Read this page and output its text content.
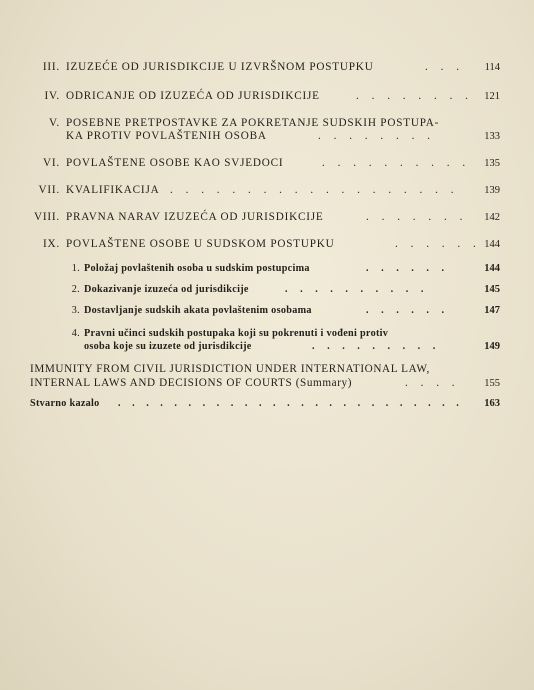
III. IZUZEĆE OD JURISDIKCIJE U IZVRŠNOM POSTUPKU	. . .	114
IV. ODRICANJE OD IZUZEĆA OD JURISDIKCIJE	. . . . . . . .	121
V. POSEBNE PRETPOSTAVKE ZA POKRETANJE SUDSKIH POSTUPA-
KA PROTIV POVLAŠTENIH OSOBA	. . . . . . . .	133
VI. POVLAŠTENE OSOBE KAO SVJEDOCI	. . . . . . . . . .	135
VII. KVALIFIKACIJA . . . . . . . . . . . . . . . . . . .	139
VIII. PRAVNA NARAV IZUZEĆA OD JURISDIKCIJE	. . . . . . .	142
IX. POVLAŠTENE OSOBE U SUDSKOM POSTUPKU	. . . . . . 144
1. Položaj povlaštenih osoba u sudskim postupcima	. . . . . .	144
2. Dokazivanje izuzeća od jurisdikcije	. . . . . . . . . .	145
3. Dostavljanje sudskih akata povlaštenim osobama	. . . . . .	147
4. Pravni učinci sudskih postupaka koji su pokrenuti i vođeni protiv
osoba koje su izuzete od jurisdikcije	. . . . . . . . .	149
IMMUNITY FROM CIVIL JURISDICTION UNDER INTERNATIONAL LAW,
INTERNAL LAWS AND DECISIONS OF COURTS (Summary)	. . . .	155
Stvarno kazalo . . . . . . . . . . . . . . . . . . . . . . . . .	163
